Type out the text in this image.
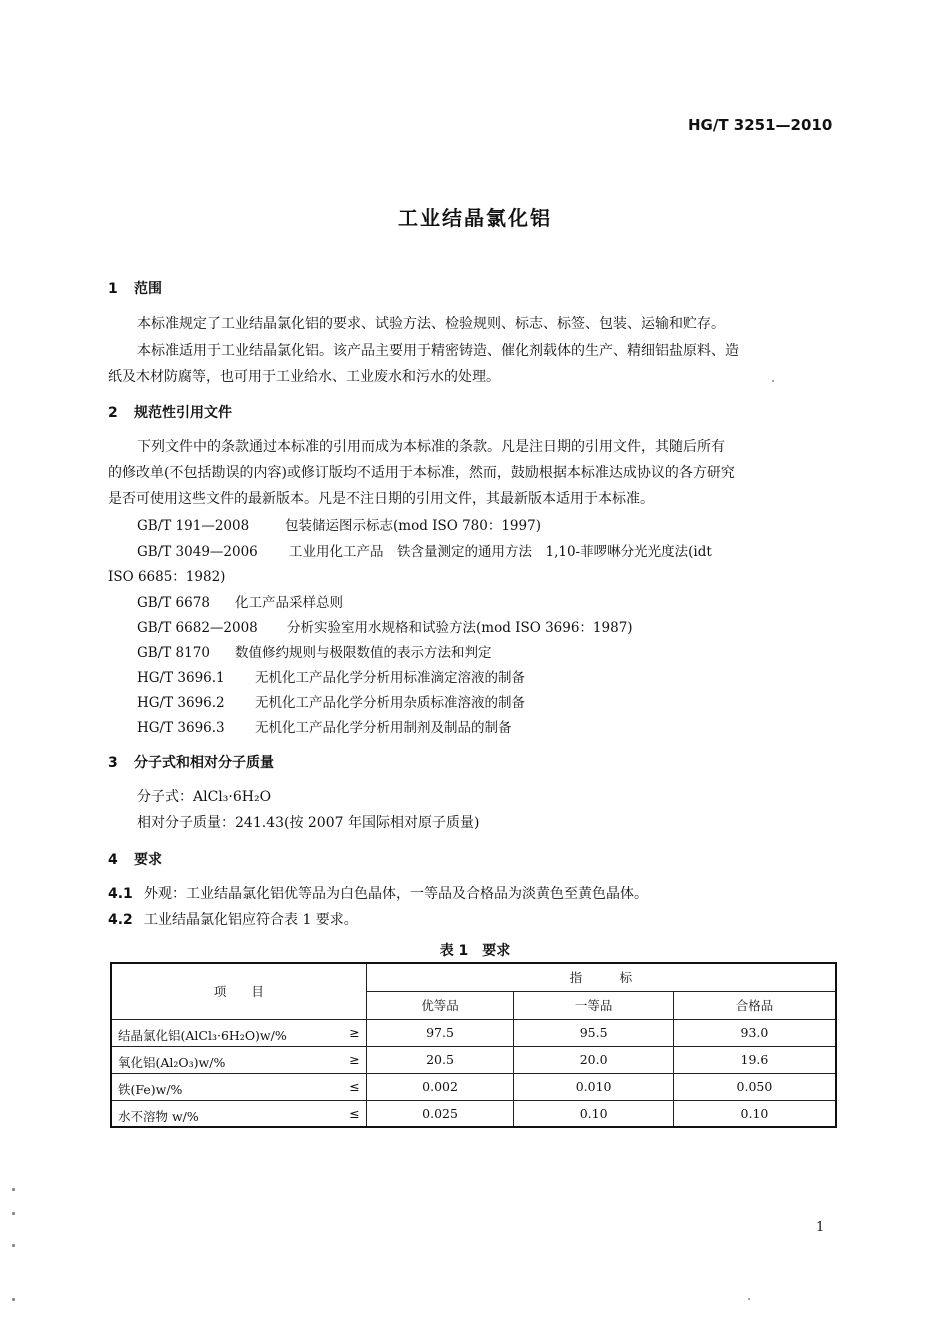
HG/T 3251—2010
工业结晶氯化铝
1 范围
本标准规定了工业结晶氯化铝的要求、试验方法、检验规则、标志、标签、包装、运输和贮存。
本标准适用于工业结晶氯化铝。该产品主要用于精密铸造、催化剂载体的生产、精细铝盐原料、造
纸及木材防腐等，也可用于工业给水、工业废水和污水的处理。
2 规范性引用文件
下列文件中的条款通过本标准的引用而成为本标准的条款。凡是注日期的引用文件，其随后所有
的修改单(不包括勘误的内容)或修订版均不适用于本标准，然而，鼓励根据本标准达成协议的各方研究
是否可使用这些文件的最新版本。凡是不注日期的引用文件，其最新版本适用于本标准。
GB/T 191—2008	包装储运图示标志(mod ISO 780：1997)
GB/T 3049—2006 工业用化工产品　铁含量测定的通用方法　1,10-菲啰啉分光光度法(idt
ISO 6685：1982)
GB/T 6678 化工产品采样总则
GB/T 6682—2008 分析实验室用水规格和试验方法(mod ISO 3696：1987)
GB/T 8170 数值修约规则与极限数值的表示方法和判定
HG/T 3696.1 无机化工产品化学分析用标准滴定溶液的制备
HG/T 3696.2 无机化工产品化学分析用杂质标准溶液的制备
HG/T 3696.3 无机化工产品化学分析用制剂及制品的制备
3 分子式和相对分子质量
分子式：AlCl₃·6H₂O
相对分子质量：241.43(按 2007 年国际相对原子质量)
4 要求
4.1 外观：工业结晶氯化铝优等品为白色晶体，一等品及合格品为淡黄色至黄色晶体。
4.2 工业结晶氯化铝应符合表 1 要求。
表 1　要求
项　　目	指　　　标		
	优等品	一等品	合格品

结晶氯化铝(AlCl₃·6H₂O)w/% ≥	97.5	95.5	93.0

氧化铝(Al₂O₃)w/% ≥	20.5	20.0	19.6

铁(Fe)w/% ≤	0.002	0.010	0.050

水不溶物 w/% ≤	0.025	0.10	0.10
1
